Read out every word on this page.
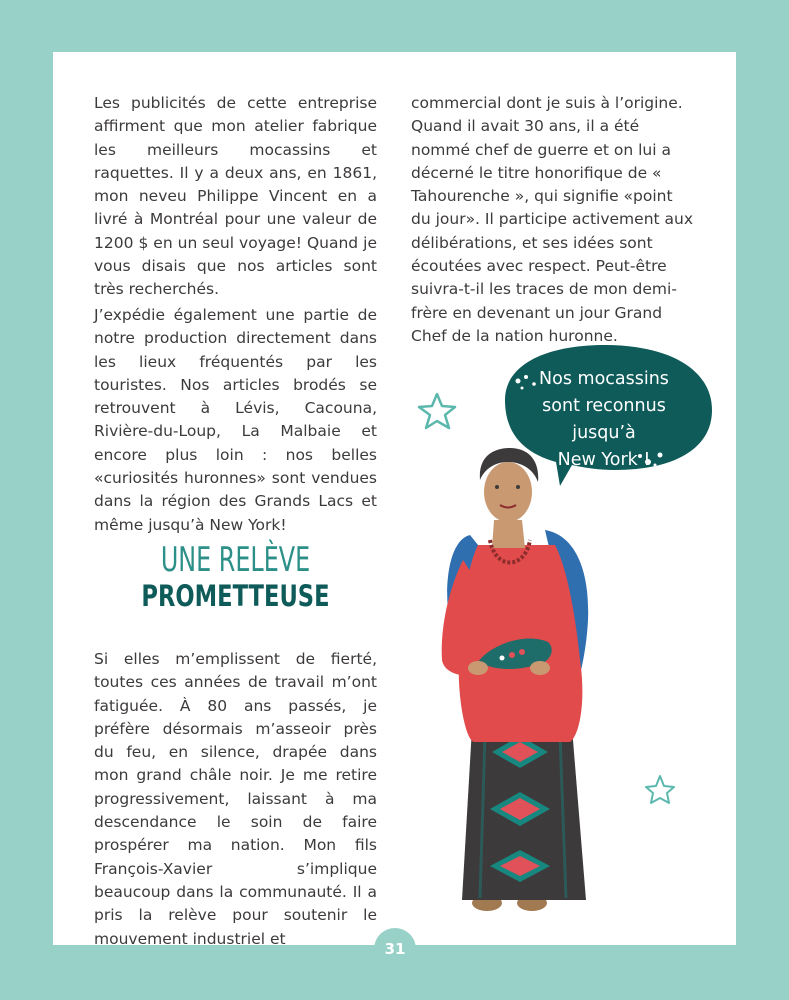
Les publicités de cette entreprise affirment que mon atelier fabrique les meilleurs mocassins et raquettes. Il y a deux ans, en 1861, mon neveu Philippe Vincent en a livré à Montréal pour une valeur de 1200 $ en un seul voyage! Quand je vous disais que nos articles sont très recherchés.

J’expédie également une partie de notre production directement dans les lieux fréquentés par les touristes. Nos articles brodés se retrouvent à Lévis, Cacouna, Rivière-du-Loup, La Malbaie et encore plus loin : nos belles «curiosités huronnes» sont vendues dans la région des Grands Lacs et même jusqu’à New York!

UNE RELÈVE
PROMETTEUSE

Si elles m’emplissent de fierté, toutes ces années de travail m’ont fatiguée. À 80 ans passés, je préfère désormais m’asseoir près du feu, en silence, drapée dans mon grand châle noir. Je me retire progressivement, laissant à ma descendance le soin de faire prospérer ma nation. Mon fils François-Xavier s’implique beaucoup dans la communauté. Il a pris la relève pour soutenir le mouvement industriel et

commercial dont je suis à l’origine. Quand il avait 30 ans, il a été nommé chef de guerre et on lui a décerné le titre honorifique de « Tahourenche », qui signifie «point du jour». Il participe activement aux délibérations, et ses idées sont écoutées avec respect. Peut-être suivra-t-il les traces de mon demi-frère en devenant un jour Grand Chef de la nation huronne.

Nos mocassins
sont reconnus jusqu’à
New York !
31
